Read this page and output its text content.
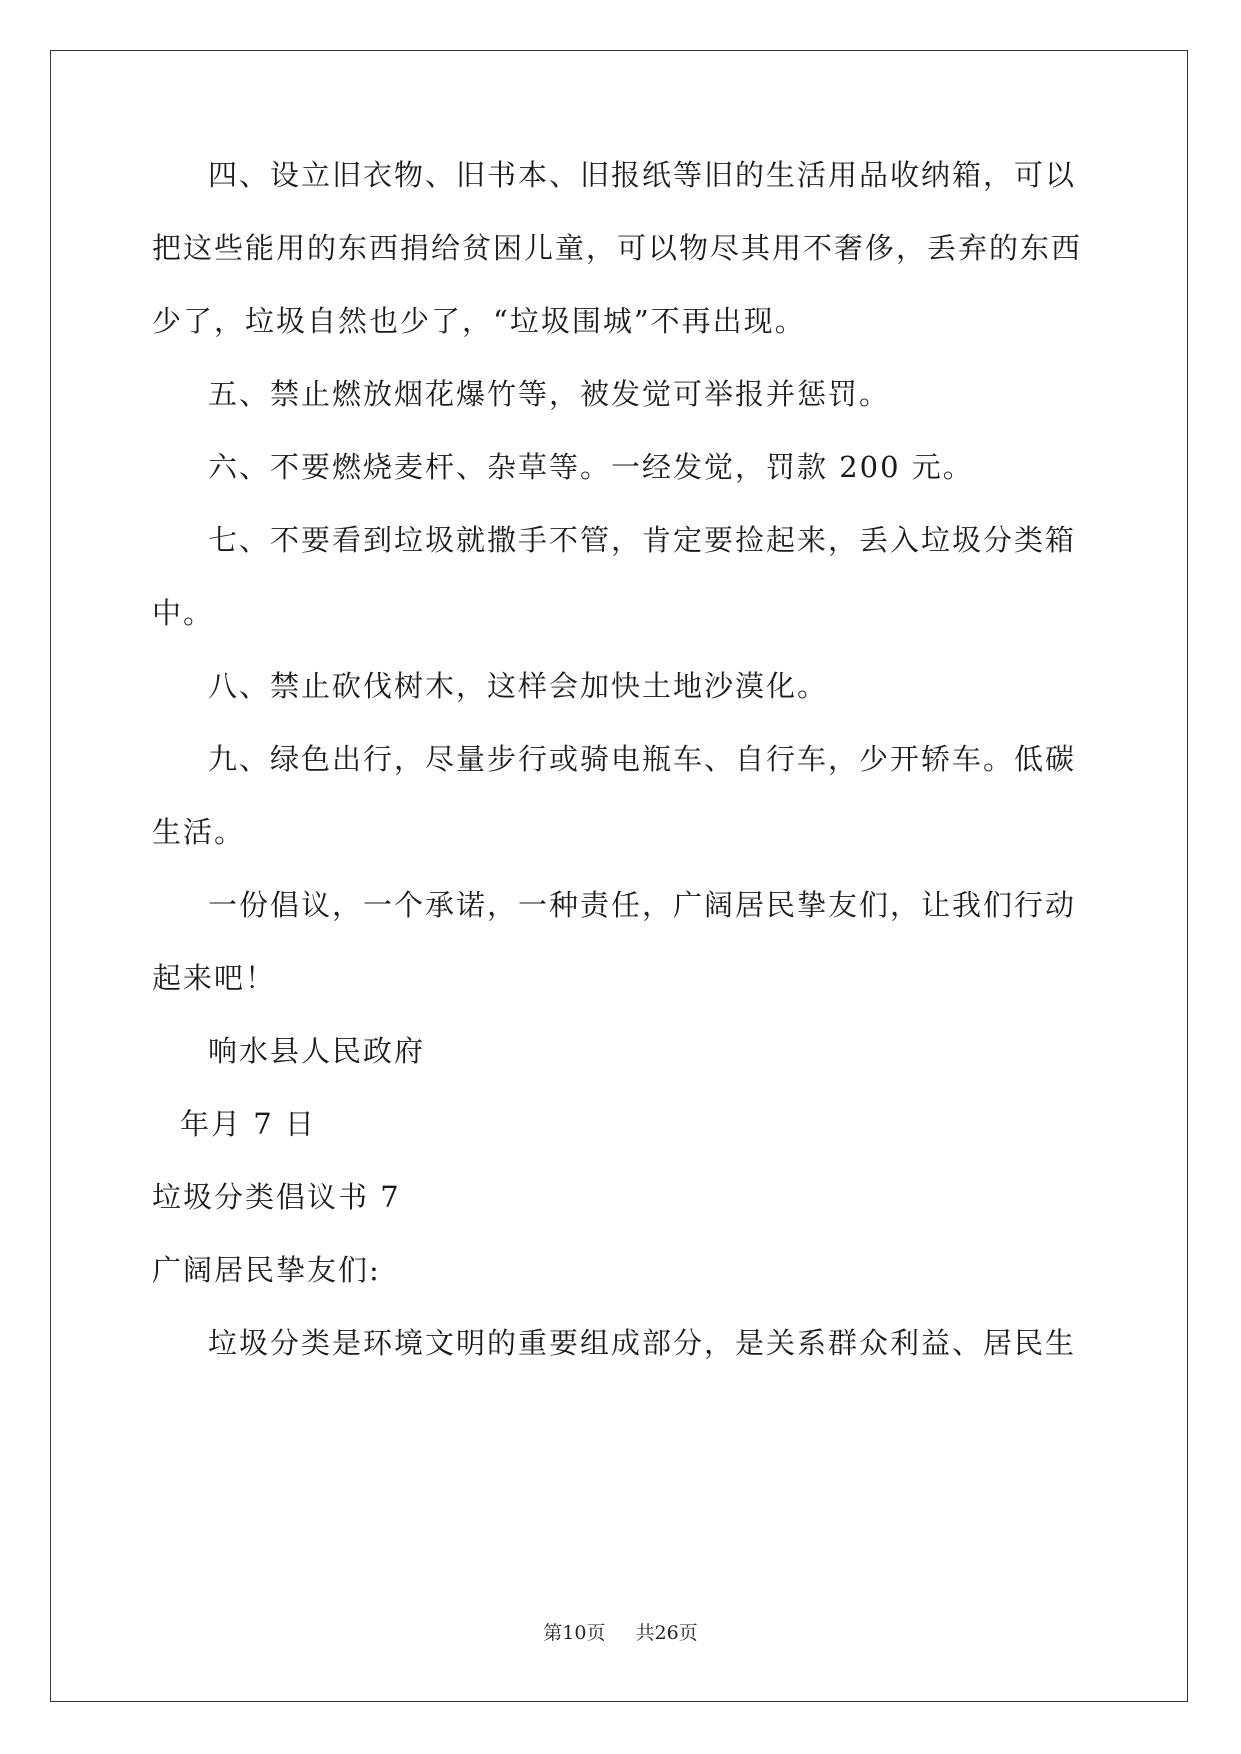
四、设立旧衣物、旧书本、旧报纸等旧的生活用品收纳箱，可以
把这些能用的东西捐给贫困儿童，可以物尽其用不奢侈，丢弃的东西
少了，垃圾自然也少了，“垃圾围城”不再出现。
五、禁止燃放烟花爆竹等，被发觉可举报并惩罚。
六、不要燃烧麦杆、杂草等。一经发觉，罚款 200 元。
七、不要看到垃圾就撒手不管，肯定要捡起来，丢入垃圾分类箱
中。
八、禁止砍伐树木，这样会加快土地沙漠化。
九、绿色出行，尽量步行或骑电瓶车、自行车，少开轿车。低碳
生活。
一份倡议，一个承诺，一种责任，广阔居民挚友们，让我们行动
起来吧！
响水县人民政府
年月 7 日
垃圾分类倡议书 7
广阔居民挚友们:
垃圾分类是环境文明的重要组成部分，是关系群众利益、居民生
第10页 共26页
